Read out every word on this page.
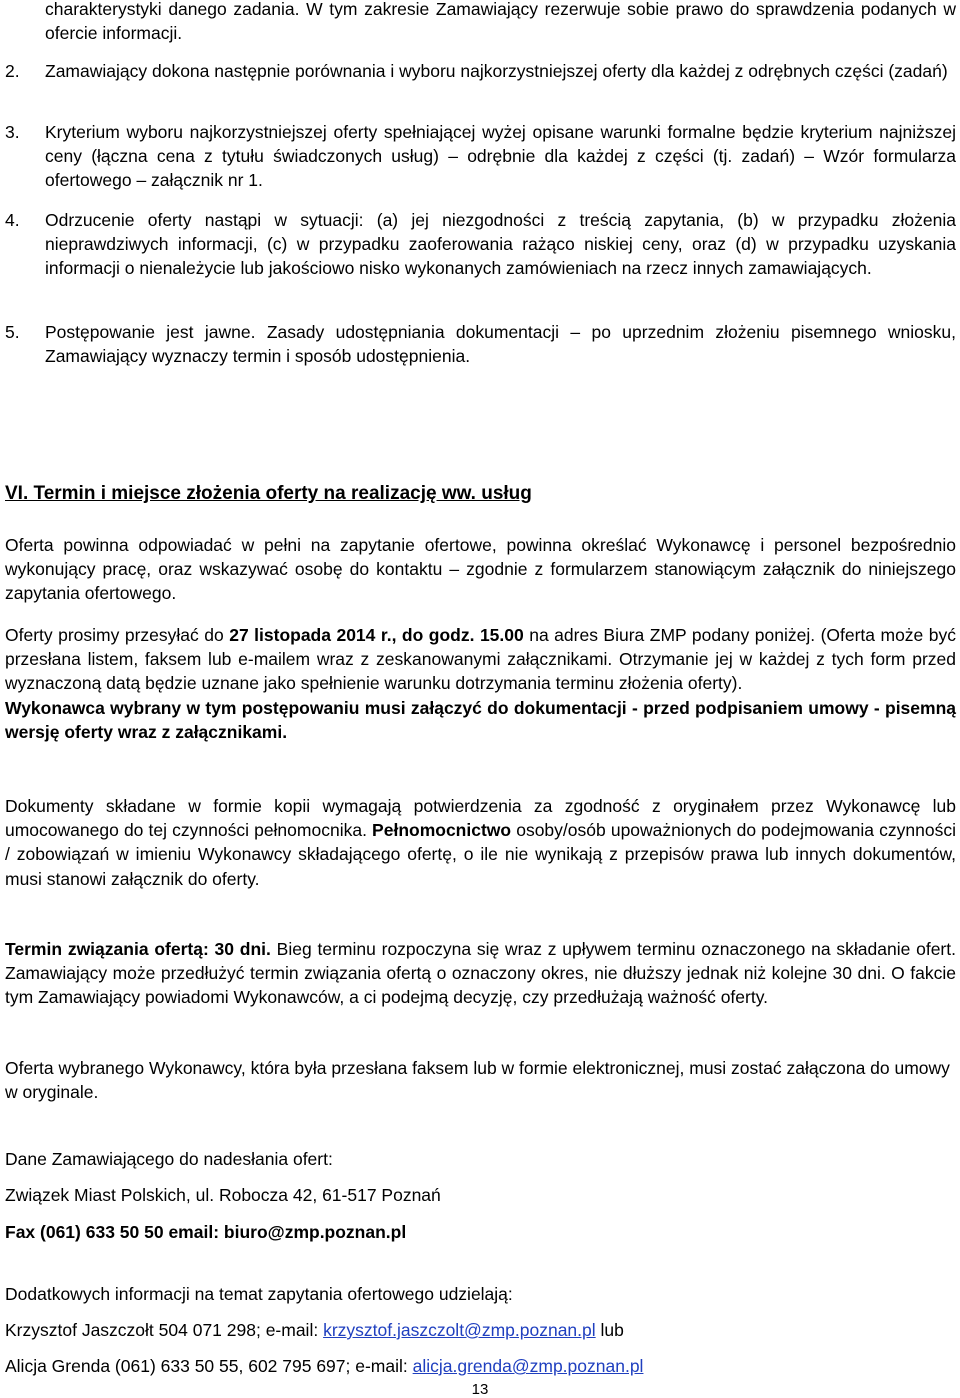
charakterystyki danego zadania. W tym zakresie Zamawiający rezerwuje sobie prawo do sprawdzenia podanych w ofercie informacji.
2.	Zamawiający dokona następnie porównania i wyboru najkorzystniejszej oferty dla każdej z odrębnych części (zadań)
3.	Kryterium wyboru najkorzystniejszej oferty spełniającej wyżej opisane warunki formalne będzie kryterium najniższej ceny (łączna cena z tytułu świadczonych usług) – odrębnie dla każdej z części (tj. zadań) – Wzór formularza ofertowego – załącznik nr 1.
4.	Odrzucenie oferty nastąpi w sytuacji: (a) jej niezgodności z treścią zapytania, (b) w przypadku złożenia nieprawdziwych informacji, (c) w przypadku zaoferowania rażąco niskiej ceny, oraz (d) w przypadku uzyskania informacji o nienależycie lub jakościowo nisko wykonanych zamówieniach na rzecz innych zamawiających.
5.	Postępowanie jest jawne. Zasady udostępniania dokumentacji – po uprzednim złożeniu pisemnego wniosku, Zamawiający wyznaczy termin i sposób udostępnienia.
VI. Termin i miejsce złożenia oferty na realizację ww. usług
Oferta powinna odpowiadać w pełni na zapytanie ofertowe, powinna określać Wykonawcę i personel bezpośrednio wykonujący pracę, oraz wskazywać osobę do kontaktu – zgodnie z formularzem stanowiącym załącznik do niniejszego zapytania ofertowego.
Oferty prosimy przesyłać do 27 listopada 2014 r., do godz. 15.00 na adres Biura ZMP podany poniżej. (Oferta może być przesłana listem, faksem lub e-mailem wraz z zeskanowanymi załącznikami. Otrzymanie jej w każdej z tych form przed wyznaczoną datą będzie uznane jako spełnienie warunku dotrzymania terminu złożenia oferty).
Wykonawca wybrany w tym postępowaniu musi załączyć do dokumentacji - przed podpisaniem umowy - pisemną wersję oferty wraz z załącznikami.
Dokumenty składane w formie kopii wymagają potwierdzenia za zgodność z oryginałem przez Wykonawcę lub umocowanego do tej czynności pełnomocnika. Pełnomocnictwo osoby/osób upoważnionych do podejmowania czynności / zobowiązań w imieniu Wykonawcy składającego ofertę, o ile nie wynikają z przepisów prawa lub innych dokumentów, musi stanowi załącznik do oferty.
Termin związania ofertą: 30 dni. Bieg terminu rozpoczyna się wraz z upływem terminu oznaczonego na składanie ofert. Zamawiający może przedłużyć termin związania ofertą o oznaczony okres, nie dłuższy jednak niż kolejne 30 dni. O fakcie tym Zamawiający powiadomi Wykonawców, a ci podejmą decyzję, czy przedłużają ważność oferty.
Oferta wybranego Wykonawcy, która była przesłana faksem lub w formie elektronicznej, musi zostać załączona do umowy w oryginale.
Dane Zamawiającego do nadesłania ofert:
Związek Miast Polskich, ul. Robocza 42, 61-517 Poznań
Fax (061) 633 50 50 email: biuro@zmp.poznan.pl
Dodatkowych informacji na temat zapytania ofertowego udzielają:
Krzysztof Jaszczołt 504 071 298; e-mail: krzysztof.jaszczolt@zmp.poznan.pl lub
Alicja Grenda (061) 633 50 55, 602 795 697; e-mail: alicja.grenda@zmp.poznan.pl
13
